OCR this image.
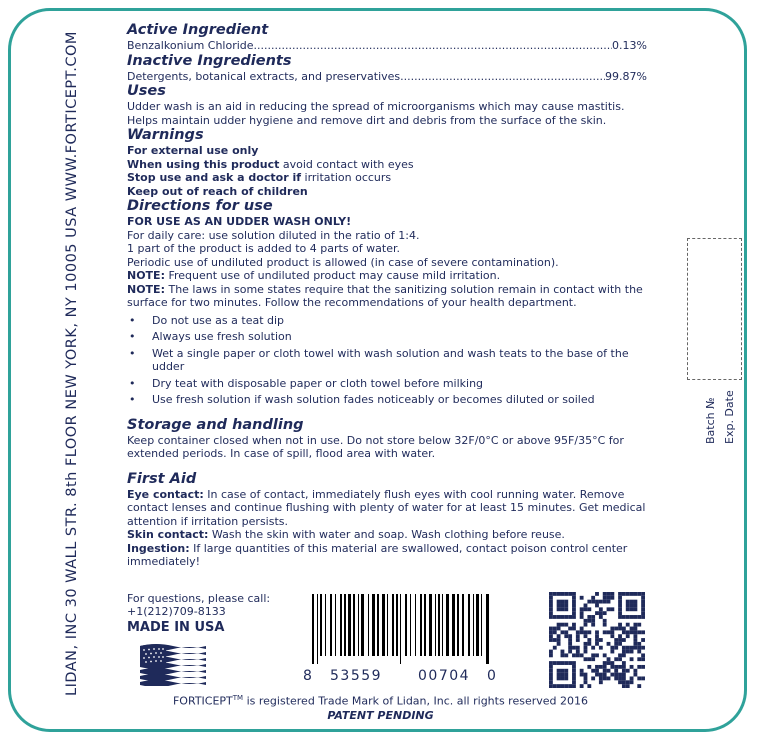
LIDAN, INC 30 WALL STR. 8th FLOOR NEW YORK, NY 10005 USA WWW.FORTICEPT.COM
Active Ingredient
Benzalkonium Chloride .....	0.13%
Inactive Ingredients
Detergents, botanical extracts, and preservatives .....	99.87%
Uses

Udder wash is an aid in reducing the spread of microorganisms which may cause mastitis. Helps maintain udder hygiene and remove dirt and debris from the surface of the skin.

Warnings

For external use only

When using this product avoid contact with eyes

Stop use and ask a doctor if irritation occurs

Keep out of reach of children

Directions for use

FOR USE AS AN UDDER WASH ONLY!

For daily care: use solution diluted in the ratio of 1:4.

1 part of the product is added to 4 parts of water.

Periodic use of undiluted product is allowed (in case of severe contamination).

NOTE: Frequent use of undiluted product may cause mild irritation.

NOTE: The laws in some states require that the sanitizing solution remain in contact with the surface for two minutes. Follow the recommendations of your health department.

• Do not use as a teat dip
• Always use fresh solution
• Wet a single paper or cloth towel with wash solution and wash teats to the base of the udder
• Dry teat with disposable paper or cloth towel before milking
• Use fresh solution if wash solution fades noticeably or becomes diluted or soiled
Storage and handling

Keep container closed when not in use. Do not store below 32F/0°C or above 95F/35°C for extended periods. In case of spill, flood area with water.

First Aid

Eye contact: In case of contact, immediately flush eyes with cool running water. Remove contact lenses and continue flushing with plenty of water for at least 15 minutes. Get medical attention if irritation persists.

Skin contact: Wash the skin with water and soap. Wash clothing before reuse.

Ingestion: If large quantities of this material are swallowed, contact poison control center immediately!

Batch № Exp. Date
For questions, please call:
+1(212)709-8133
MADE IN USA
8 53559	00704 0
FORTICEPT™ is registered Trade Mark of Lidan, Inc. all rights reserved 2016
PATENT PENDING
